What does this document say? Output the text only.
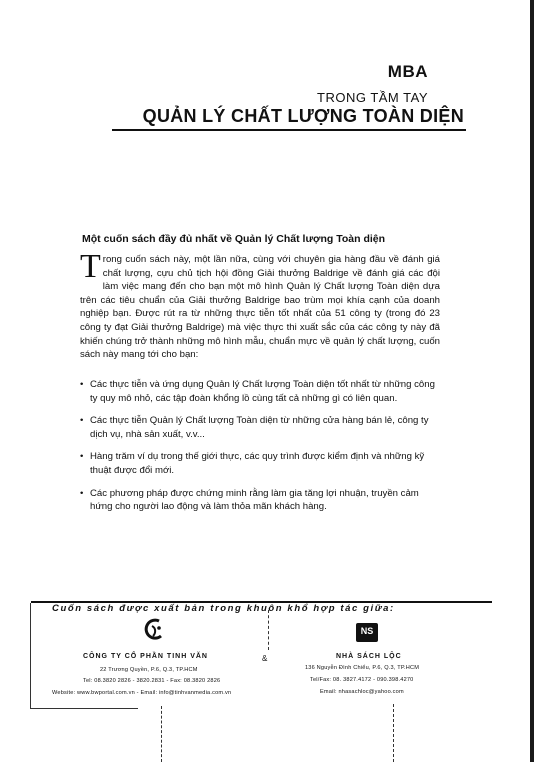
MBA
TRONG TẦM TAY
QUẢN LÝ CHẤT LƯỢNG TOÀN DIỆN
Một cuốn sách đầy đủ nhất về Quản lý Chất lượng Toàn diện
Trong cuốn sách này, một lần nữa, cùng với chuyên gia hàng đầu về đánh giá chất lượng, cựu chủ tịch hội đồng Giải thưởng Baldrige về đánh giá các đội làm việc mang đến cho bạn một mô hình Quản lý Chất lượng Toàn diện dựa trên các tiêu chuẩn của Giải thưởng Baldrige bao trùm mọi khía cạnh của doanh nghiệp bạn. Được rút ra từ những thực tiễn tốt nhất của 51 công ty (trong đó 23 công ty đạt Giải thưởng Baldrige) mà việc thực thi xuất sắc của các công ty này đã khiến chúng trở thành những mô hình mẫu, chuẩn mực về quản lý chất lượng, cuốn sách này mang tới cho bạn:
• Các thực tiễn và ứng dụng Quản lý Chất lượng Toàn diện tốt nhất từ những công ty quy mô nhỏ, các tập đoàn khổng lồ cùng tất cả những gì có liên quan.
• Các thực tiễn Quản lý Chất lượng Toàn diện từ những cửa hàng bán lẻ, công ty dịch vụ, nhà sản xuất, v.v...
• Hàng trăm ví dụ trong thế giới thực, các quy trình được kiểm định và những kỹ thuật được đổi mới.
• Các phương pháp được chứng minh rằng làm gia tăng lợi nhuận, truyền cảm hứng cho người lao động và làm thỏa mãn khách hàng.
Cuốn sách được xuất bản trong khuôn khổ hợp tác giữa:
CÔNG TY CỔ PHẦN TINH VĂN
22 Trương Quyền, P.6, Q.3, TP.HCM
Tel: 08.3820 2826 - 3820.2831 - Fax: 08.3820 2826
Website: www.bwportal.com.vn - Email: info@tinhvanmedia.com.vn
&
NS
NHÀ SÁCH LỘC
136 Nguyễn Đình Chiểu, P.6, Q.3, TP.HCM
Tel/Fax: 08. 3827.4172 - 090.398.4270
Email: nhasachloc@yahoo.com
